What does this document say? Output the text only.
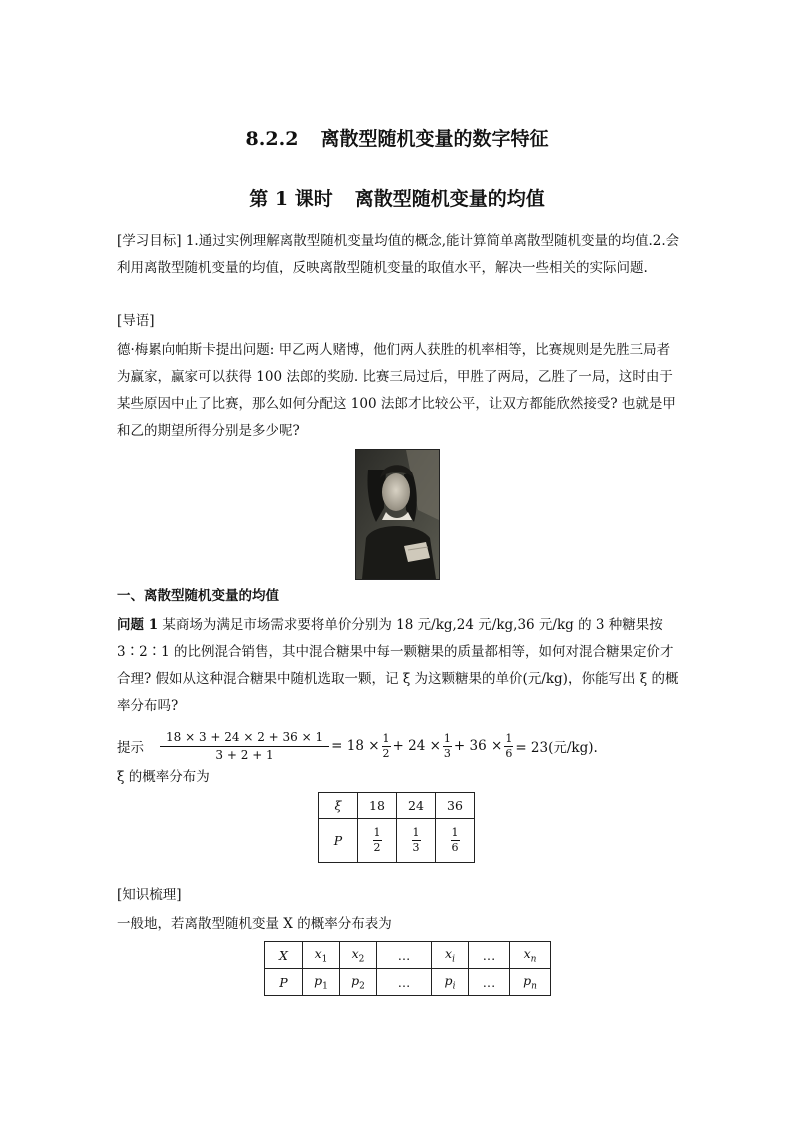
8.2.2 离散型随机变量的数字特征
第 1 课时 离散型随机变量的均值
[学习目标] 1.通过实例理解离散型随机变量均值的概念,能计算简单离散型随机变量的均值.2.会利用离散型随机变量的均值，反映离散型随机变量的取值水平，解决一些相关的实际问题.
[导语]
德·梅累向帕斯卡提出问题: 甲乙两人赌博，他们两人获胜的机率相等，比赛规则是先胜三局者为赢家，赢家可以获得 100 法郎的奖励. 比赛三局过后，甲胜了两局，乙胜了一局，这时由于某些原因中止了比赛，那么如何分配这 100 法郎才比较公平，让双方都能欣然接受? 也就是甲和乙的期望所得分别是多少呢?
一、离散型随机变量的均值
问题 1 某商场为满足市场需求要将单价分别为 18 元/kg,24 元/kg,36 元/kg 的 3 种糖果按 3∶2∶1 的比例混合销售，其中混合糖果中每一颗糖果的质量都相等，如何对混合糖果定价才合理? 假如从这种混合糖果中随机选取一颗，记 ξ 为这颗糖果的单价(元/kg)，你能写出 ξ 的概率分布吗?
提示 $\frac{18 \times 3 + 24 \times 2 + 36 \times 1}{3 + 2 + 1} = 18 \times \frac{1}{2} + 24 \times \frac{1}{3} + 36 \times \frac{1}{6} = 23$(元/kg).
ξ 的概率分布为
ξ	18	24	36
P	$\frac{1}{2}$	$\frac{1}{3}$	$\frac{1}{6}$
[知识梳理]
一般地，若离散型随机变量 X 的概率分布表为
X	$x_1$	$x_2$	…	$x_i$	…	$x_n$
P	$p_1$	$p_2$	…	$p_i$	…	$p_n$
